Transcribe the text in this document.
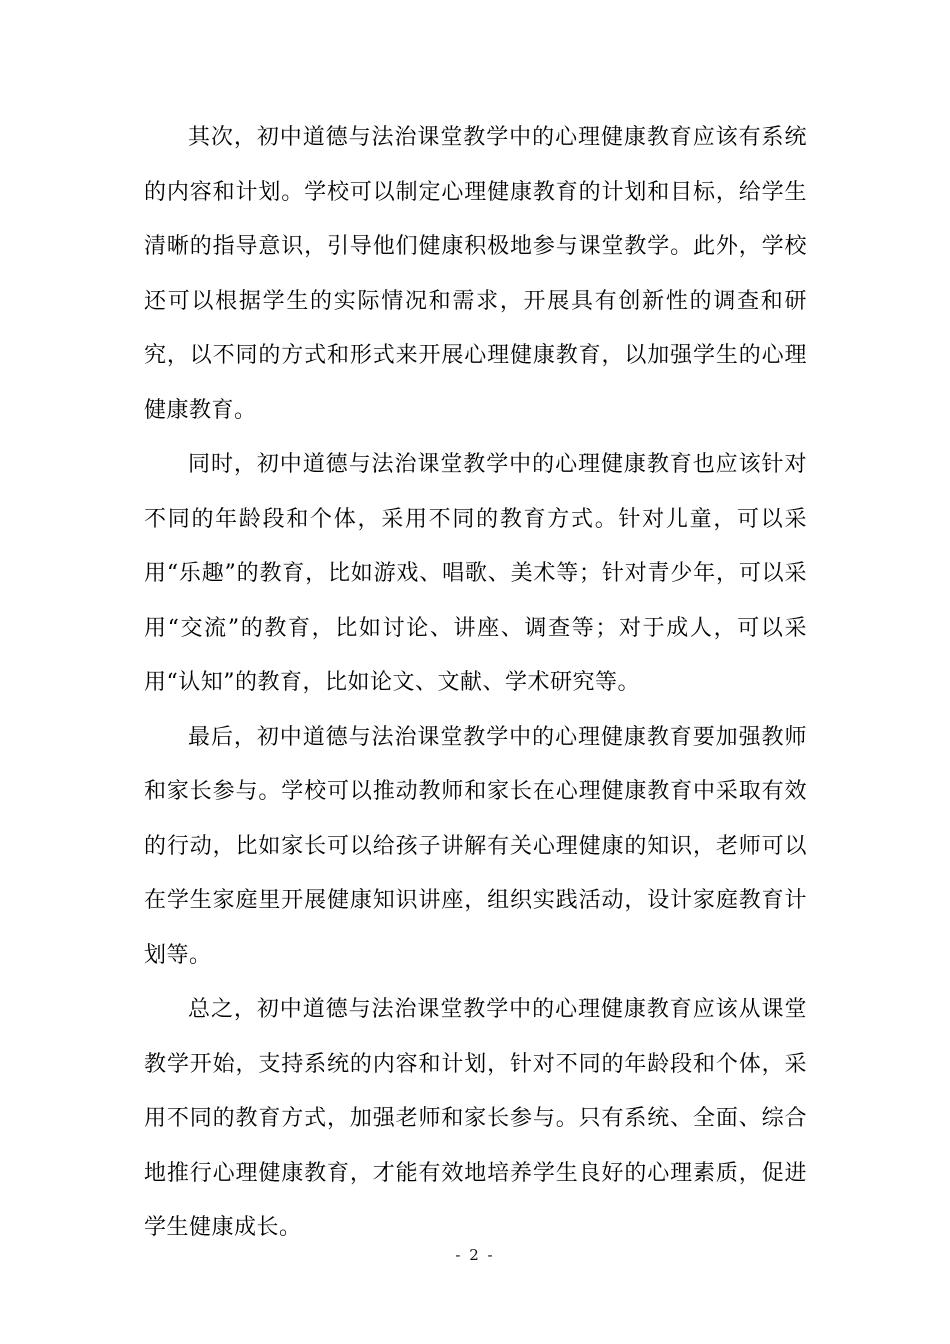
其次，初中道德与法治课堂教学中的心理健康教育应该有系统的内容和计划。学校可以制定心理健康教育的计划和目标，给学生清晰的指导意识，引导他们健康积极地参与课堂教学。此外，学校还可以根据学生的实际情况和需求，开展具有创新性的调查和研究，以不同的方式和形式来开展心理健康教育，以加强学生的心理健康教育。

同时，初中道德与法治课堂教学中的心理健康教育也应该针对不同的年龄段和个体，采用不同的教育方式。针对儿童，可以采用“乐趣”的教育，比如游戏、唱歌、美术等；针对青少年，可以采用“交流”的教育，比如讨论、讲座、调查等；对于成人，可以采用“认知”的教育，比如论文、文献、学术研究等。

最后，初中道德与法治课堂教学中的心理健康教育要加强教师和家长参与。学校可以推动教师和家长在心理健康教育中采取有效的行动，比如家长可以给孩子讲解有关心理健康的知识，老师可以在学生家庭里开展健康知识讲座，组织实践活动，设计家庭教育计划等。

总之，初中道德与法治课堂教学中的心理健康教育应该从课堂教学开始，支持系统的内容和计划，针对不同的年龄段和个体，采用不同的教育方式，加强老师和家长参与。只有系统、全面、综合地推行心理健康教育，才能有效地培养学生良好的心理素质，促进学生健康成长。

- 2 -
